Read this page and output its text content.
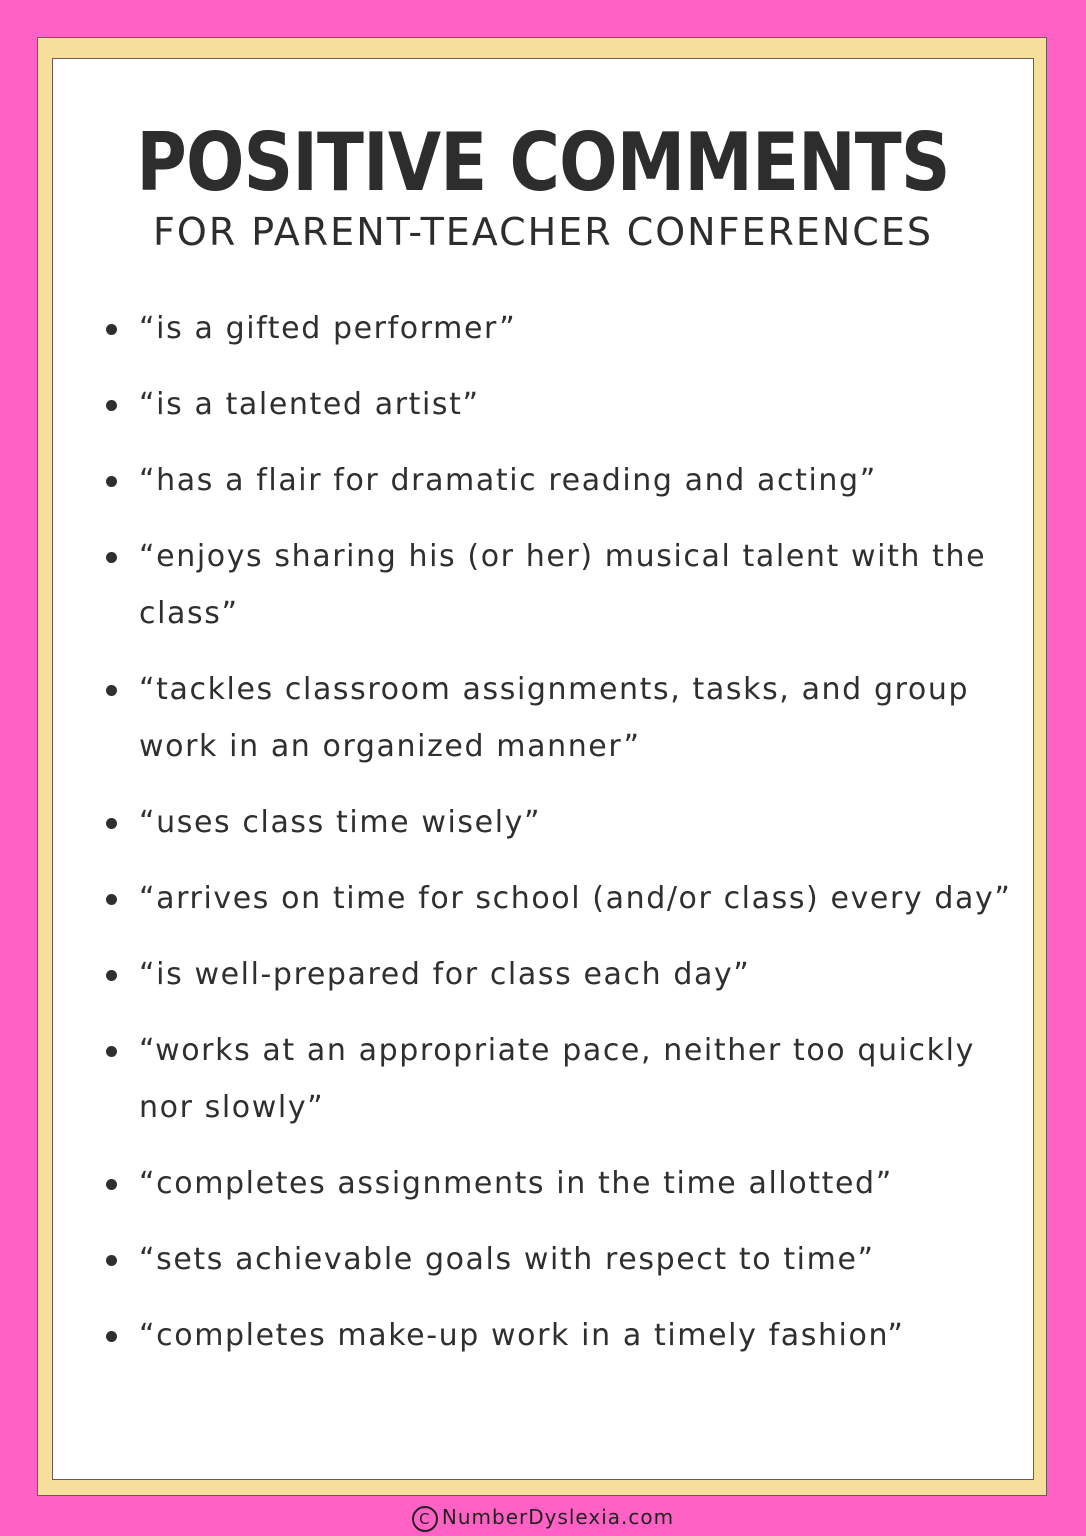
POSITIVE COMMENTS
FOR PARENT-TEACHER CONFERENCES
“is a gifted performer”
“is a talented artist”
“has a flair for dramatic reading and acting”
“enjoys sharing his (or her) musical talent with the class”
“tackles classroom assignments, tasks, and group work in an organized manner”
“uses class time wisely”
“arrives on time for school (and/or class) every day”
“is well-prepared for class each day”
“works at an appropriate pace, neither too quickly nor slowly”
“completes assignments in the time allotted”
“sets achievable goals with respect to time”
“completes make-up work in a timely fashion”
C NumberDyslexia.com
